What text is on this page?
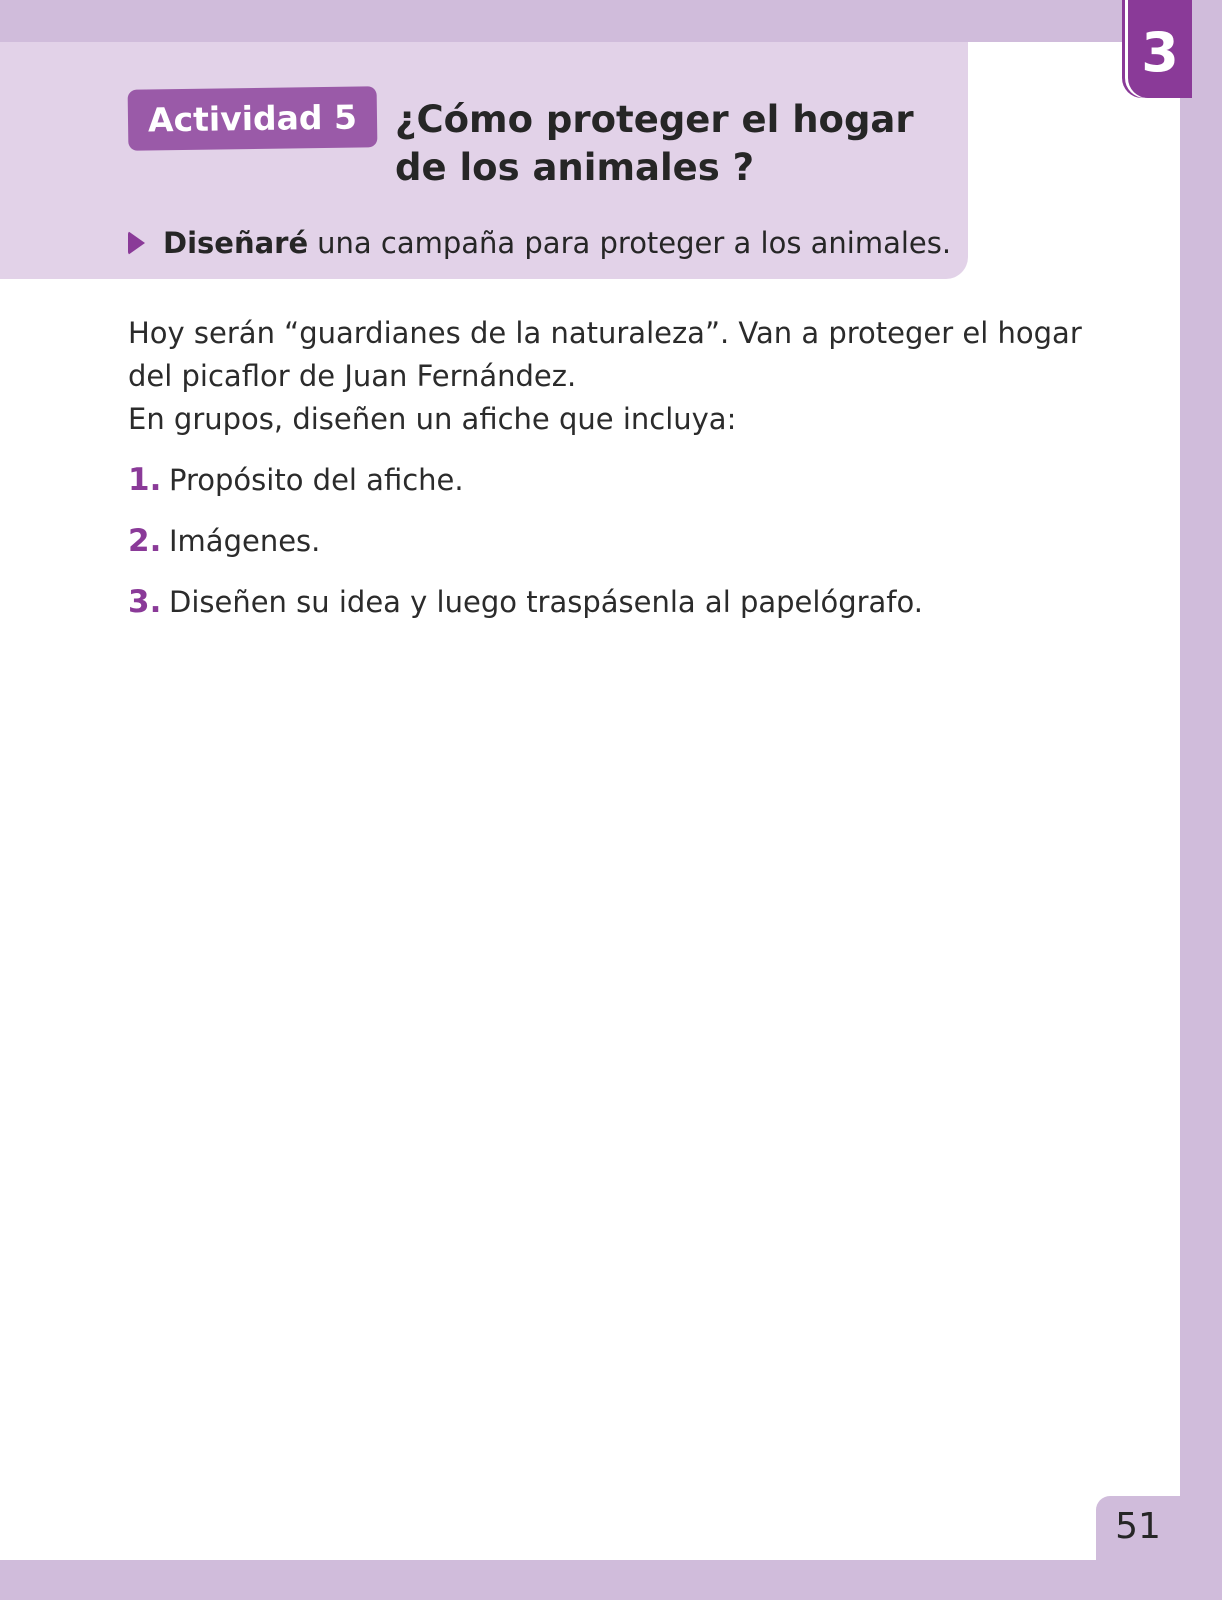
3
Actividad 5	¿Cómo proteger el hogar
de los animales ?
Diseñaré una campaña para proteger a los animales.

Hoy serán “guardianes de la naturaleza”. Van a proteger el hogar

del picaflor de Juan Fernández.

En grupos, diseñen un afiche que incluya:

1. Propósito del afiche.
2. Imágenes.
3. Diseñen su idea y luego traspásenla al papelógrafo.
51
